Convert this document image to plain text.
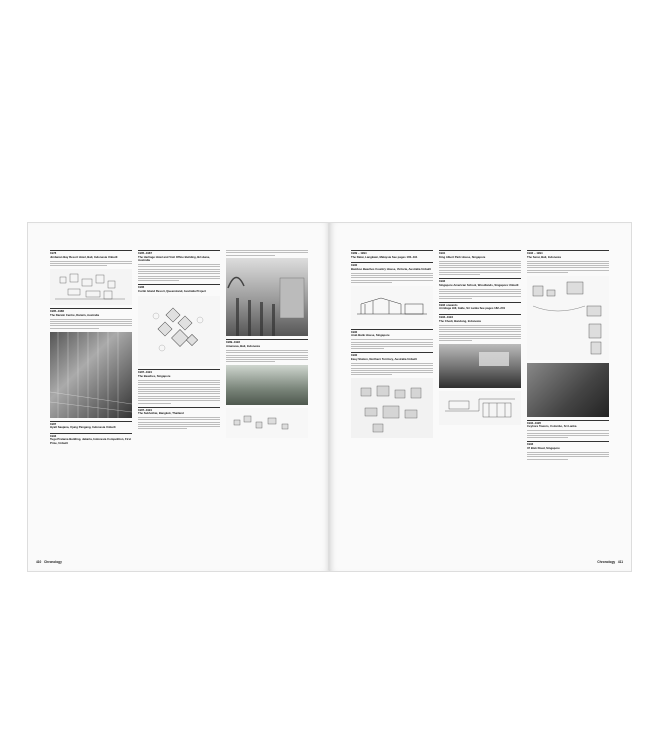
1978
Jimbaran Bay Resort Hotel, Bali, Indonesia Unbuilt
1985–1986
The Darwin Centre, Darwin, Australia
1987
Hyatt Saujana, Ujung Pangang, Indonesia Unbuilt
1993
Tugu Pratama Building, Jakarta, Indonesia Competition, First Prize, Unbuilt
1985–1987
The Heritage Hotel and Visit Office Building, Brisbane, Australia
1986
Curtin Island Resort, Queensland, Australia Project
1987–1991
The Beaches, Singapore
1987–1991
The Sukhothai, Bangkok, Thailand
1989–1992
Amanusa, Bali, Indonesia
410 Chronology
1989 – 1994
The Datai, Langkawi, Malaysia See pages 100–191
1990
Bamboo Beaches Country House, Victoria, Australia Unbuilt
1990
Arab Bank House, Singapore
1990
Easy Station, Northern Territory, Australia Unbuilt
1991
King Albert Park House, Singapore
1992
Singapore American School, Woodlands, Singapore Unbuilt
1992 onwards
Armitage Hill, Galle, Sri Lanka See pages 182–201
1992–1994
The Chedi, Bandung, Indonesia
1992 – 1994
The Serai, Bali, Indonesia
1992–1995
Ceyhore Towers, Colombo, Sri Lanka
1993
37 Bisk Road, Singapore
Chronology 411
